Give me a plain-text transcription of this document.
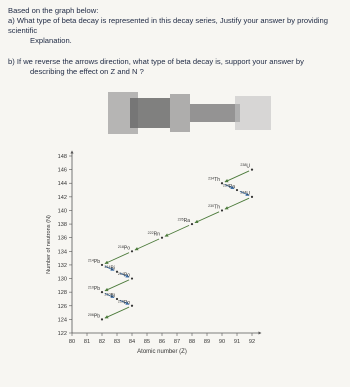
Based on the graph below:
a) What type of beta decay is represented in this decay series, Justify your answer by providing scientific
Explanation.
b) If we reverse the arrows direction, what type of beta decay is, support your answer by
describing the effect on Z and N ?
122
124
126
128
130
132
134
136
138
140
142
144
146
148
80 81 82 83 84 85 86 87 88 89 90 91 92
Atomic number (Z)
Number of neutrons (N)
$^{238}$U
$^{234}$Th
$^{234}$Pa
$^{234}$U
$^{230}$Th
$^{226}$Ra
$^{222}$Rn
$^{218}$Po
$^{214}$Pb
$^{214}$Bi
$^{214}$Po
$^{210}$Pb
$^{210}$Bi
$^{210}$Po
$^{206}$Pb
